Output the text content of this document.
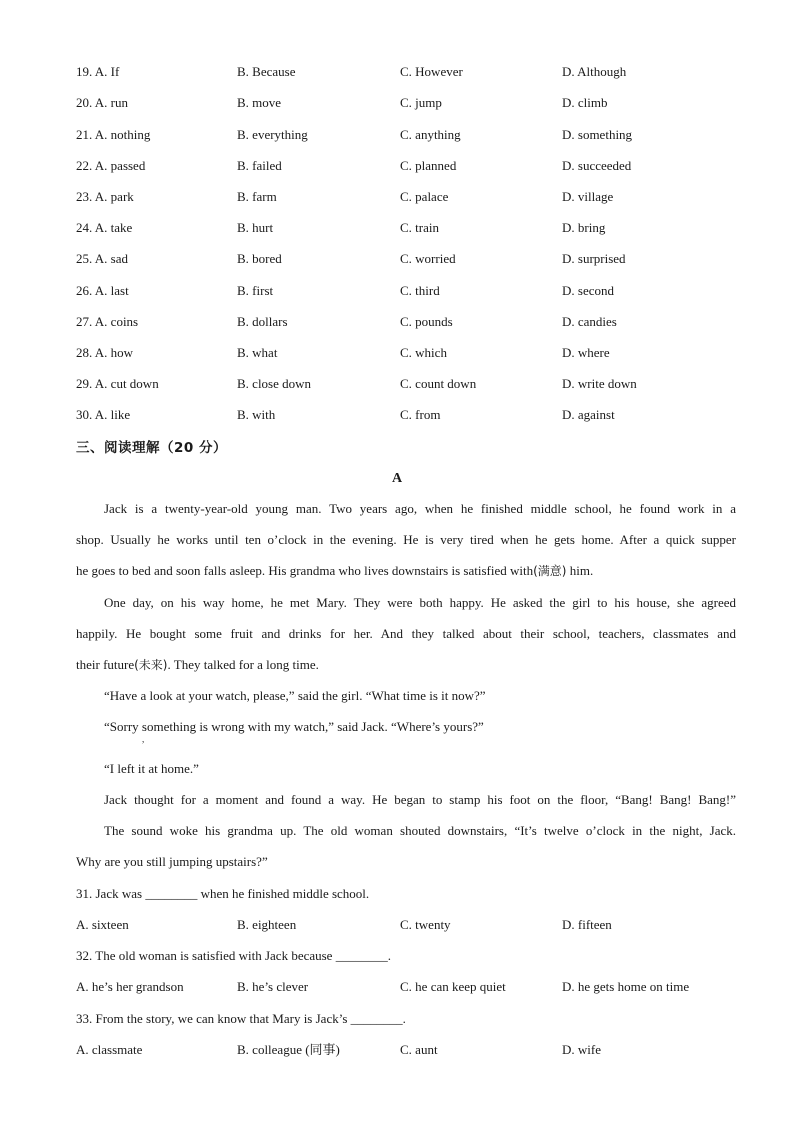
19. A. If	B. Because	C. However	D. Although
20. A. run	B. move	C. jump	D. climb
21. A. nothing	B. everything	C. anything	D. something
22. A. passed	B. failed	C. planned	D. succeeded
23. A. park	B. farm	C. palace	D. village
24. A. take	B. hurt	C. train	D. bring
25. A. sad	B. bored	C. worried	D. surprised
26. A. last	B. first	C. third	D. second
27. A. coins	B. dollars	C. pounds	D. candies
28. A. how	B. what	C. which	D. where
29. A. cut down	B. close down	C. count down	D. write down
30. A. like	B. with	C. from	D. against
三、阅读理解（20 分）
A
Jack is a twenty-year-old young man. Two years ago, when he finished middle school, he found work in a
shop. Usually he works until ten o’clock in the evening. He is very tired when he gets home. After a quick supper
he goes to bed and soon falls asleep. His grandma who lives downstairs is satisfied with(满意) him.
One day, on his way home, he met Mary. They were both happy. He asked the girl to his house, she agreed
happily. He bought some fruit and drinks for her. And they talked about their school, teachers, classmates and
their future(未来). They talked for a long time.
“Have a look at your watch, please,” said the girl. “What time is it now?”
“Sorry something is wrong with my watch,” said Jack. “Where’s yours?”
,
“I left it at home.”
Jack thought for a moment and found a way. He began to stamp his foot on the floor, “Bang! Bang! Bang!”
The sound woke his grandma up. The old woman shouted downstairs, “It’s twelve o’clock in the night, Jack.
Why are you still jumping upstairs?”
31. Jack was ________ when he finished middle school.
A. sixteen	B. eighteen	C. twenty	D. fifteen
32. The old woman is satisfied with Jack because ________.
A. he’s her grandson	B. he’s clever	C. he can keep quiet	D. he gets home on time
33. From the story, we can know that Mary is Jack’s ________.
A. classmate	B. colleague (同事)	C. aunt	D. wife
